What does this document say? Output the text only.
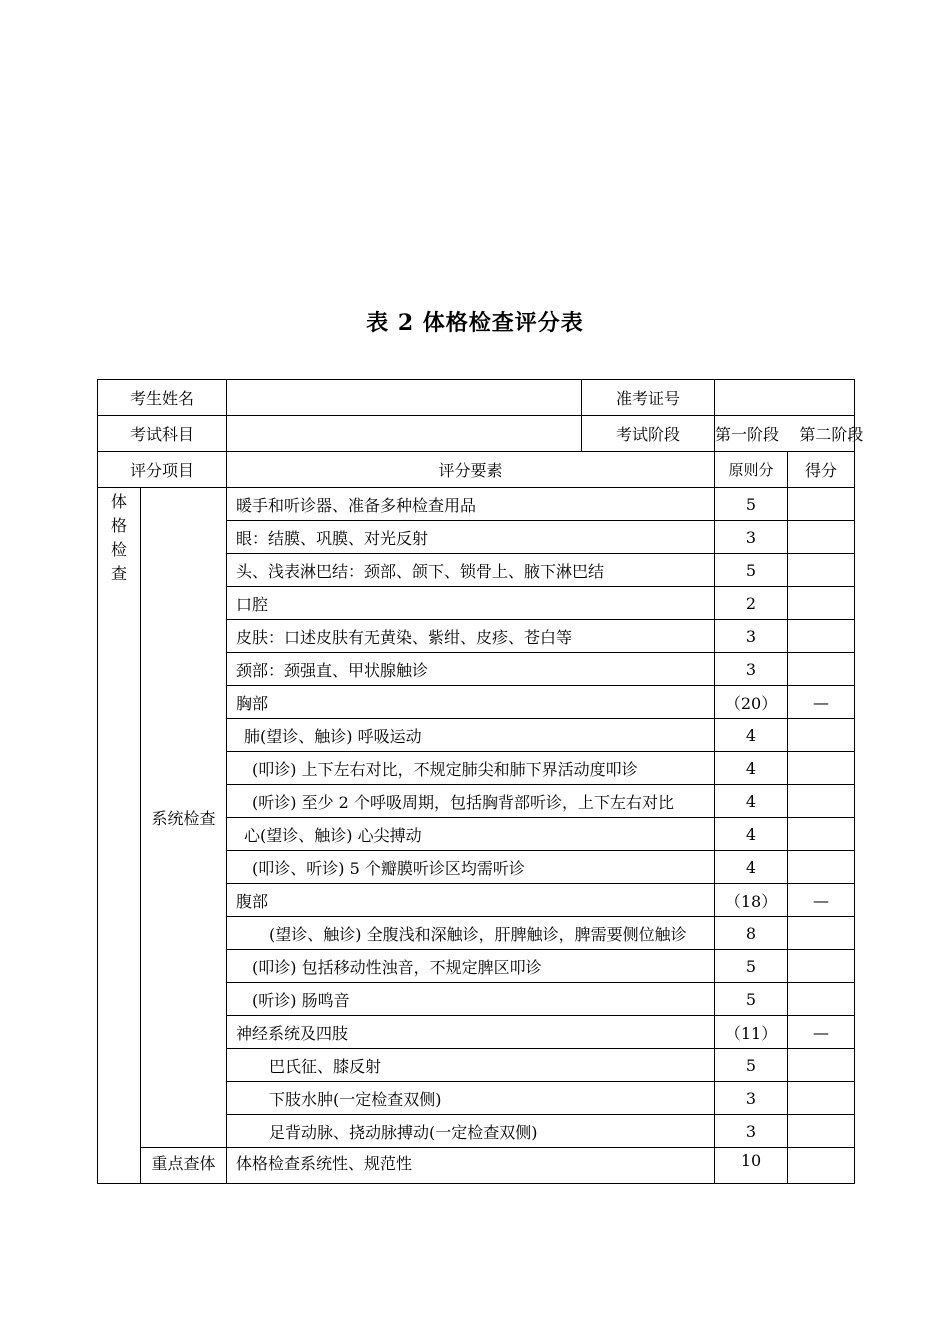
表 2 体格检查评分表
考生姓名			准考证号		
考试科目			考试阶段	第一阶段    第二阶段	
评分项目		评分要素		原则分	得分

体
格
检
查	系统检查	暖手和听诊器、准备多种检查用品		5	
		眼：结膜、巩膜、对光反射		3	
		头、浅表淋巴结：颈部、颌下、锁骨上、腋下淋巴结		5	
		口腔		2	
		皮肤：口述皮肤有无黄染、紫绀、皮疹、苍白等		3	
		颈部：颈强直、甲状腺触诊		3	
		胸部		（20）	—
		肺(望诊、触诊) 呼吸运动		4	
		(叩诊) 上下左右对比，不规定肺尖和肺下界活动度叩诊		4	
		(听诊) 至少 2 个呼吸周期，包括胸背部听诊，上下左右对比		4	
		心(望诊、触诊) 心尖搏动		4	
		(叩诊、听诊) 5 个瓣膜听诊区均需听诊		4	
		腹部		（18）	—
		(望诊、触诊) 全腹浅和深触诊，肝脾触诊，脾需要侧位触诊		8	
		(叩诊) 包括移动性浊音，不规定脾区叩诊		5	
		(听诊) 肠鸣音		5	
		神经系统及四肢		（11）	—
		巴氏征、膝反射		5	
		下肢水肿(一定检查双侧)		3	
		足背动脉、挠动脉搏动(一定检查双侧)		3	
	重点查体	体格检查系统性、规范性		10	
